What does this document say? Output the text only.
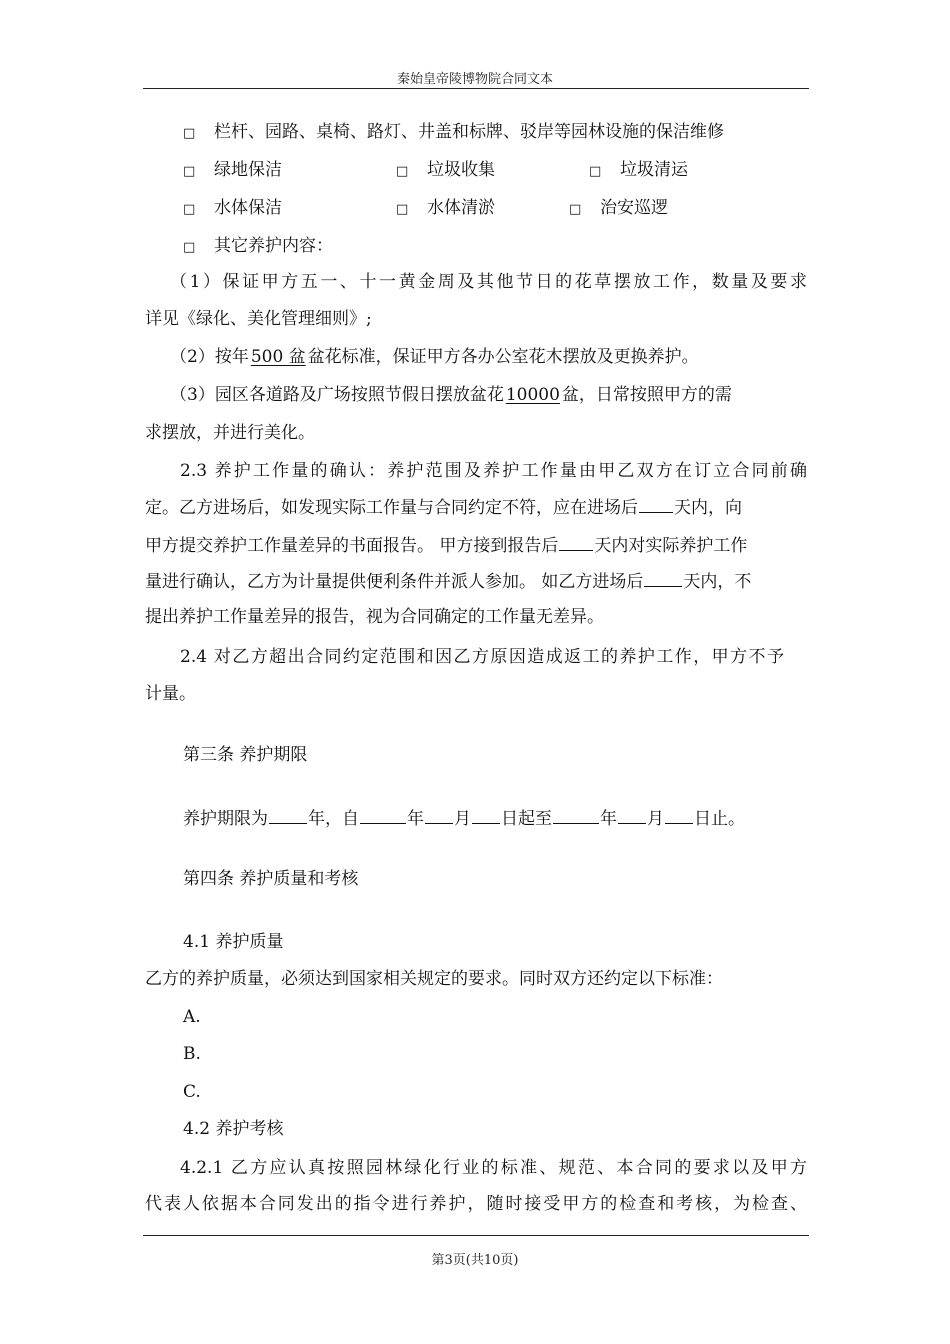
秦始皇帝陵博物院合同文本
□ 栏杆、园路、桌椅、路灯、井盖和标牌、驳岸等园林设施的保洁维修
□ 绿地保洁	□ 垃圾收集	□ 垃圾清运
□ 水体保洁	□ 水体清淤	□ 治安巡逻
□ 其它养护内容：
（1）保证甲方五一、十一黄金周及其他节日的花草摆放工作，数量及要求
详见《绿化、美化管理细则》;
（2）按年 500 盆 盆花标准，保证甲方各办公室花木摆放及更换养护。
（3）园区各道路及广场按照节假日摆放盆花 10000 盆，日常按照甲方的需
求摆放，并进行美化。
2.3 养护工作量的确认：养护范围及养护工作量由甲乙双方在订立合同前确
定。乙方进场后，如发现实际工作量与合同约定不符，应在进场后 天内，向
甲方提交养护工作量差异的书面报告。 甲方接到报告后 天内对实际养护工作
量进行确认，乙方为计量提供便利条件并派人参加。 如乙方进场后 天内，不
提出养护工作量差异的报告，视为合同确定的工作量无差异。
2.4 对乙方超出合同约定范围和因乙方原因造成返工的养护工作，甲方不予
计量。
第三条 养护期限
养护期限为 年，自	年 月 日起至	年 月 日止。
第四条 养护质量和考核
4.1 养护质量
乙方的养护质量，必须达到国家相关规定的要求。同时双方还约定以下标准：
A.
B.
C.
4.2 养护考核
4.2.1 乙方应认真按照园林绿化行业的标准、规范、本合同的要求以及甲方
代表人依据本合同发出的指令进行养护，随时接受甲方的检查和考核，为检查、
第3页(共10页)
